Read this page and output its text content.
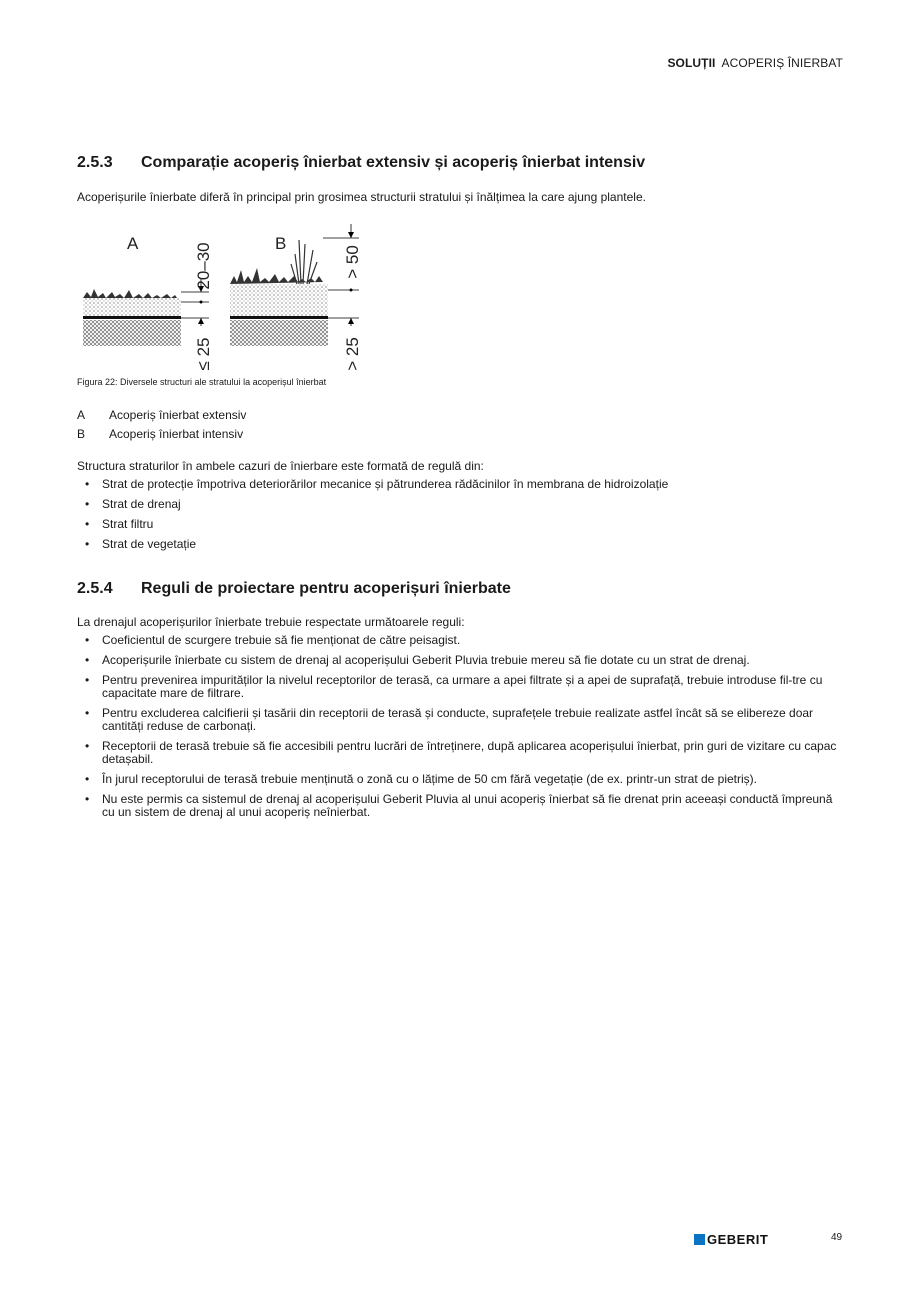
SOLUȚII ACOPERIȘ ÎNIERBAT
2.5.3	Comparație acoperiș înierbat extensiv și acoperiș înierbat intensiv
Acoperișurile înierbate diferă în principal prin grosimea structurii stratului și înălțimea la care ajung plantele.
A	20–30
≤ 25
B
> 50
> 25
Figura 22: Diversele structuri ale stratului la acoperișul înierbat
A	Acoperiș înierbat extensiv
B	Acoperiș înierbat intensiv
Structura straturilor în ambele cazuri de înierbare este formată de regulă din:
• Strat de protecție împotriva deteriorărilor mecanice și pătrunderea rădăcinilor în membrana de hidroizolație
• Strat de drenaj
• Strat filtru
• Strat de vegetație
2.5.4	Reguli de proiectare pentru acoperișuri înierbate
La drenajul acoperișurilor înierbate trebuie respectate următoarele reguli:
• Coeficientul de scurgere trebuie să fie menționat de către peisagist.
• Acoperișurile înierbate cu sistem de drenaj al acoperișului Geberit Pluvia trebuie mereu să fie dotate cu un strat de drenaj.
• Pentru prevenirea impurităților la nivelul receptorilor de terasă, ca urmare a apei filtrate și a apei de suprafață, trebuie introduse fil-tre cu capacitate mare de filtrare.
• Pentru excluderea calcifierii și tasării din receptorii de terasă și conducte, suprafețele trebuie realizate astfel încât să se elibereze doar cantități reduse de carbonați.
• Receptorii de terasă trebuie să fie accesibili pentru lucrări de întreținere, după aplicarea acoperișului înierbat, prin guri de vizitare cu capac detașabil.
• În jurul receptorului de terasă trebuie menținută o zonă cu o lățime de 50 cm fără vegetație (de ex. printr-un strat de pietriș).
• Nu este permis ca sistemul de drenaj al acoperișului Geberit Pluvia al unui acoperiș înierbat să fie drenat prin aceeași conductă împreună cu un sistem de drenaj al unui acoperiș neînierbat.
GEBERIT	49
